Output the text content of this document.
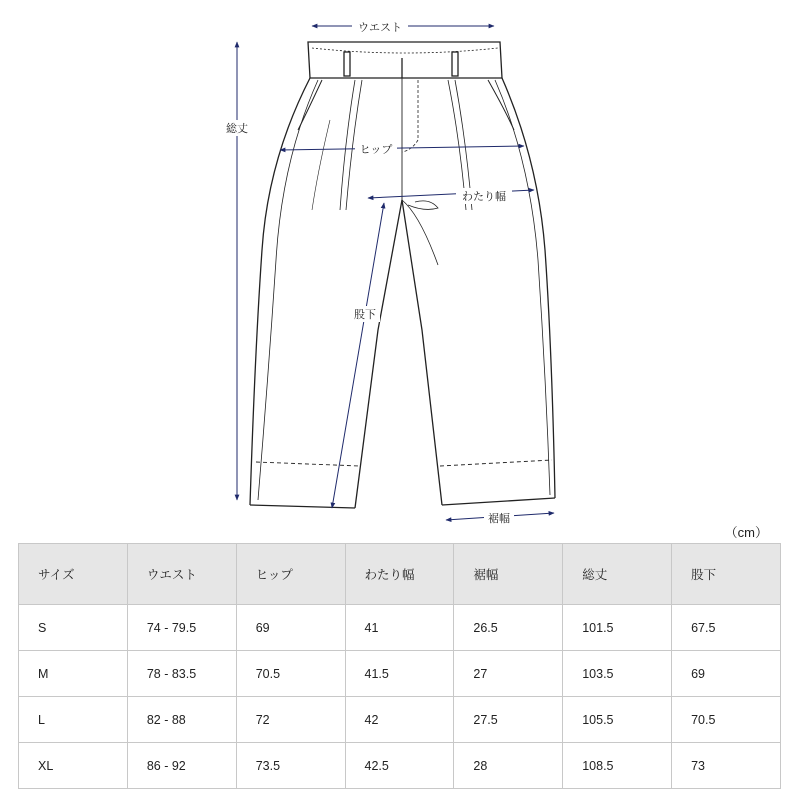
ウエスト
総丈
ヒップ
わたり幅
股下
裾幅
（cm）
サイズ	ウエスト	ヒップ	わたり幅	裾幅	総丈	股下
S	74 - 79.5	69	41	26.5	101.5	67.5
M	78 - 83.5	70.5	41.5	27	103.5	69
L	82 - 88	72	42	27.5	105.5	70.5
XL	86 - 92	73.5	42.5	28	108.5	73
